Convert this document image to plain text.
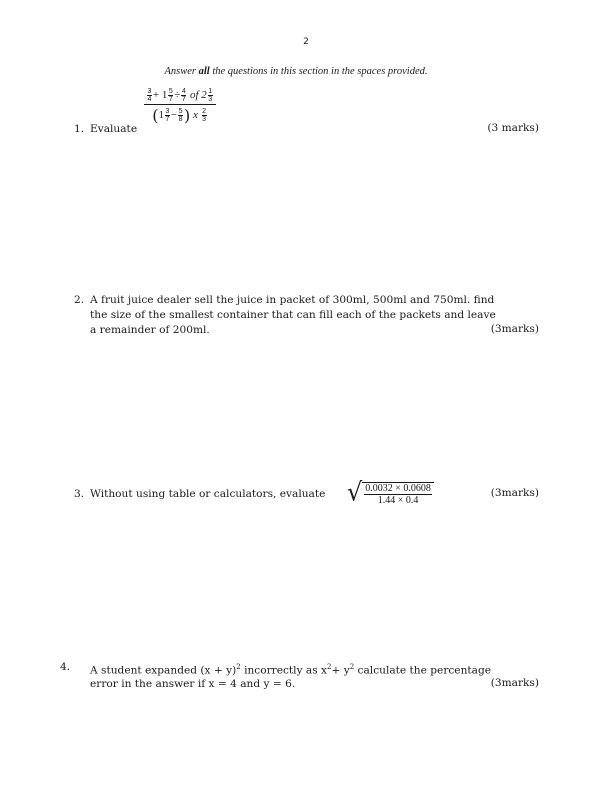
2
Answer all the questions in this section in the spaces provided.
1. Evaluate
$\frac{\frac{3}{4} + 1 \frac{5}{7} \div \frac{4}{7} of 2 \frac{1}{3}}{(1 \frac{3}{7} - \frac{5}{8} ) x \frac{2}{3}}$
(3 marks)
2. A fruit juice dealer sell the juice in packet of 300ml, 500ml and 750ml. find
the size of the smallest container that can fill each of the packets and leave
a remainder of 200ml.	(3marks)
3. Without using table or calculators, evaluate √ $\frac{0.0032 \times 0.0608}{1.44 \times 0.4}$	(3marks)
4. A student expanded $(x + y)^2$ incorrectly as $x^2+ y^2$ calculate the percentage
error in the answer if x = 4 and y = 6.	(3marks)
